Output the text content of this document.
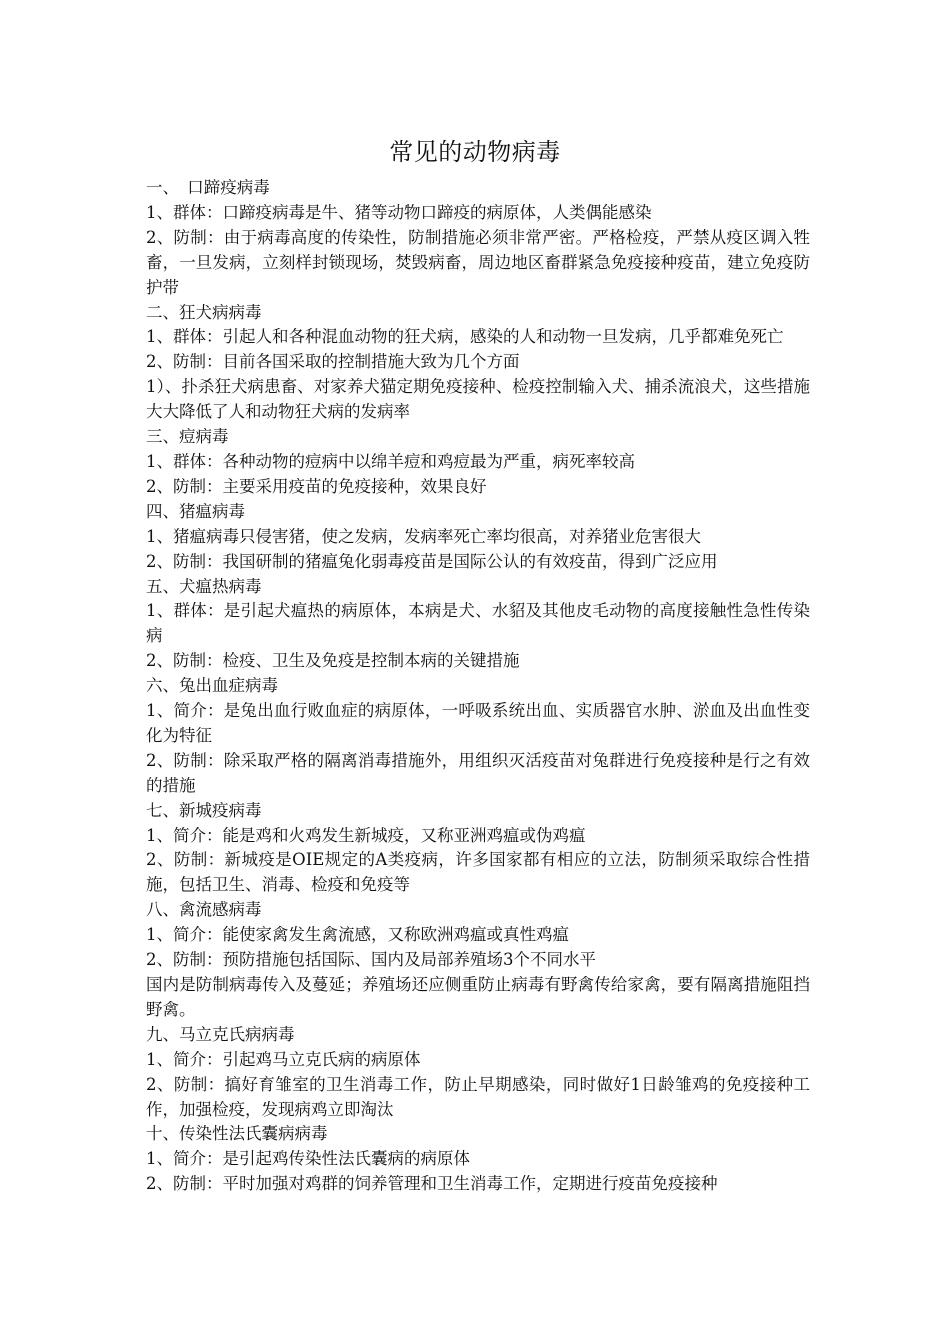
常见的动物病毒

一、　口蹄疫病毒

1、群体：口蹄疫病毒是牛、猪等动物口蹄疫的病原体，人类偶能感染

2、防制：由于病毒高度的传染性，防制措施必须非常严密。严格检疫，严禁从疫区调入牲畜，一旦发病，立刻样封锁现场，焚毁病畜，周边地区畜群紧急免疫接种疫苗，建立免疫防护带

二、狂犬病病毒

1、群体：引起人和各种混血动物的狂犬病，感染的人和动物一旦发病，几乎都难免死亡

2、防制：目前各国采取的控制措施大致为几个方面

1）、扑杀狂犬病患畜、对家养犬猫定期免疫接种、检疫控制输入犬、捕杀流浪犬，这些措施大大降低了人和动物狂犬病的发病率

三、痘病毒

1、群体：各种动物的痘病中以绵羊痘和鸡痘最为严重，病死率较高

2、防制：主要采用疫苗的免疫接种，效果良好

四、猪瘟病毒

1、猪瘟病毒只侵害猪，使之发病，发病率死亡率均很高，对养猪业危害很大

2、防制：我国研制的猪瘟兔化弱毒疫苗是国际公认的有效疫苗，得到广泛应用

五、犬瘟热病毒

1、群体：是引起犬瘟热的病原体，本病是犬、水貂及其他皮毛动物的高度接触性急性传染病

2、防制：检疫、卫生及免疫是控制本病的关键措施

六、兔出血症病毒

1、简介：是兔出血行败血症的病原体，一呼吸系统出血、实质器官水肿、淤血及出血性变化为特征

2、防制：除采取严格的隔离消毒措施外，用组织灭活疫苗对兔群进行免疫接种是行之有效的措施

七、新城疫病毒

1、简介：能是鸡和火鸡发生新城疫，又称亚洲鸡瘟或伪鸡瘟

2、防制：新城疫是OIE规定的A类疫病，许多国家都有相应的立法，防制须采取综合性措施，包括卫生、消毒、检疫和免疫等

八、禽流感病毒

1、简介：能使家禽发生禽流感，又称欧洲鸡瘟或真性鸡瘟

2、防制：预防措施包括国际、国内及局部养殖场3个不同水平

国内是防制病毒传入及蔓延；养殖场还应侧重防止病毒有野禽传给家禽，要有隔离措施阻挡野禽。

九、马立克氏病病毒

1、简介：引起鸡马立克氏病的病原体

2、防制：搞好育雏室的卫生消毒工作，防止早期感染，同时做好1日龄雏鸡的免疫接种工作，加强检疫，发现病鸡立即淘汰

十、传染性法氏囊病病毒

1、简介：是引起鸡传染性法氏囊病的病原体

2、防制：平时加强对鸡群的饲养管理和卫生消毒工作，定期进行疫苗免疫接种
